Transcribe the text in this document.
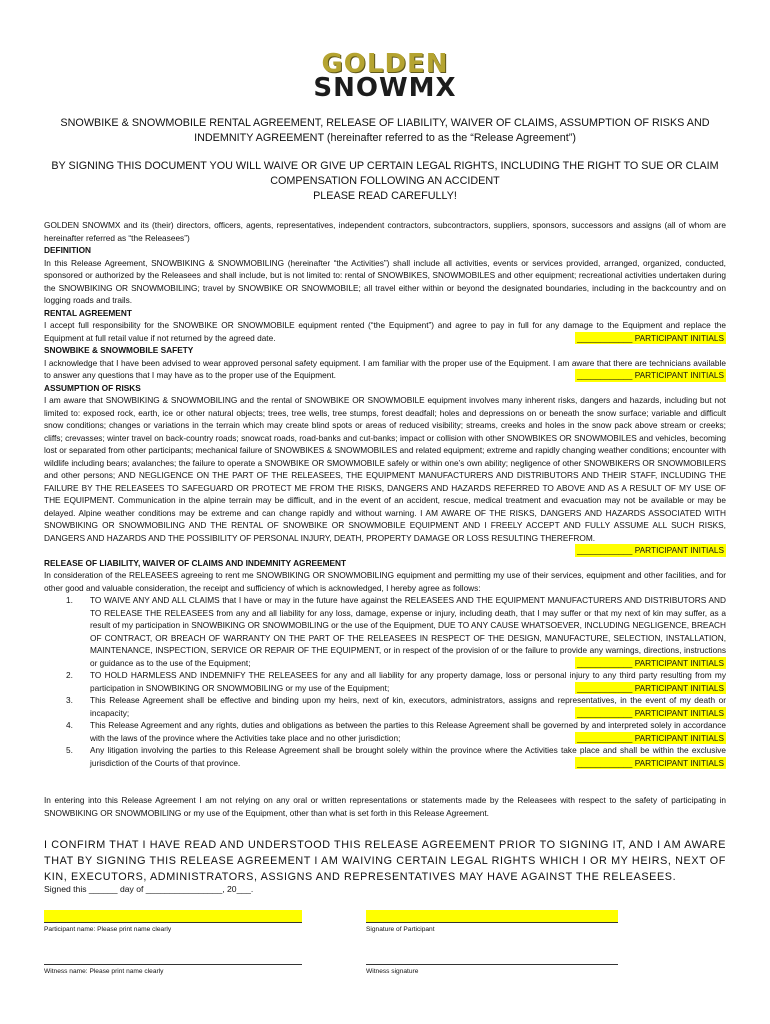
GOLDEN
SNOWMX
SNOWBIKE & SNOWMOBILE RENTAL AGREEMENT, RELEASE OF LIABILITY, WAIVER OF CLAIMS, ASSUMPTION OF RISKS AND INDEMNITY AGREEMENT (hereinafter referred to as the “Release Agreement”)
BY SIGNING THIS DOCUMENT YOU WILL WAIVE OR GIVE UP CERTAIN LEGAL RIGHTS, INCLUDING THE RIGHT TO SUE OR CLAIM COMPENSATION FOLLOWING AN ACCIDENT
PLEASE READ CAREFULLY!

GOLDEN SNOWMX and its (their) directors, officers, agents, representatives, independent contractors, subcontractors, suppliers, sponsors, successors and assigns (all of whom are hereinafter referred as “the Releasees”)

DEFINITION

In this Release Agreement, SNOWBIKING & SNOWMOBILING (hereinafter “the Activities”) shall include all activities, events or services provided, arranged, organized, conducted, sponsored or authorized by the Releasees and shall include, but is not limited to: rental of SNOWBIKES, SNOWMOBILES and other equipment; recreational activities undertaken during the SNOWBIKING OR SNOWMOBILING; travel by SNOWBIKE OR SNOWMOBILE; all travel either within or beyond the designated boundaries, including in the backcountry and on logging roads and trails.

RENTAL AGREEMENT

I accept full responsibility for the SNOWBIKE OR SNOWMOBILE equipment rented (“the Equipment”) and agree to pay in full for any damage to the Equipment and replace the Equipment at full retail value if not returned by the agreed date.	____________ PARTICIPANT INITIALS

SNOWBIKE & SNOWMOBILE SAFETY

I acknowledge that I have been advised to wear approved personal safety equipment. I am familiar with the proper use of the Equipment. I am aware that there are technicians available to answer any questions that I may have as to the proper use of the Equipment.	____________ PARTICIPANT INITIALS

ASSUMPTION OF RISKS

I am aware that SNOWBIKING & SNOWMOBILING and the rental of SNOWBIKE OR SNOWMOBILE equipment involves many inherent risks, dangers and hazards, including but not limited to: exposed rock, earth, ice or other natural objects; trees, tree wells, tree stumps, forest deadfall; holes and depressions on or beneath the snow surface; variable and difficult snow conditions; changes or variations in the terrain which may create blind spots or areas of reduced visibility; streams, creeks and holes in the snow pack above stream or creeks; cliffs; crevasses; winter travel on back-country roads; snowcat roads, road-banks and cut-banks; impact or collision with other SNOWBIKES OR SNOWMOBILES and vehicles, becoming lost or separated from other participants; mechanical failure of SNOWBIKES & SNOWMOBILES and related equipment; extreme and rapidly changing weather conditions; encounter with wildlife including bears; avalanches; the failure to operate a SNOWBIKE OR SMOWMOBILE safely or within one’s own ability; negligence of other SNOWBIKERS OR SNOWMOBILERS and other persons; AND NEGLIGENCE ON THE PART OF THE RELEASEES, THE EQUIPMENT MANUFACTURERS AND DISTRIBUTORS AND THEIR STAFF, INCLUDING THE FAILURE BY THE RELEASEES TO SAFEGUARD OR PROTECT ME FROM THE RISKS, DANGERS AND HAZARDS REFERRED TO ABOVE AND AS A RESULT OF MY USE OF THE EQUIPMENT. Communication in the alpine terrain may be difficult, and in the event of an accident, rescue, medical treatment and evacuation may not be available or may be delayed. Alpine weather conditions may be extreme and can change rapidly and without warning. I AM AWARE OF THE RISKS, DANGERS AND HAZARDS ASSOCIATED WITH SNOWBIKING OR SNOWMOBILING AND THE RENTAL OF SNOWBIKE OR SNOWMOBILE EQUIPMENT AND I FREELY ACCEPT AND FULLY ASSUME ALL SUCH RISKS, DANGERS AND HAZARDS AND THE POSSIBILITY OF PERSONAL INJURY, DEATH, PROPERTY DAMAGE OR LOSS RESULTING THEREFROM.
____________ PARTICIPANT INITIALS

RELEASE OF LIABILITY, WAIVER OF CLAIMS AND INDEMNITY AGREEMENT

In consideration of the RELEASEES agreeing to rent me SNOWBIKING OR SNOWMOBILING equipment and permitting my use of their services, equipment and other facilities, and for other good and valuable consideration, the receipt and sufficiency of which is acknowledged, I hereby agree as follows:

1. TO WAIVE ANY AND ALL CLAIMS that I have or may in the future have against the RELEASEES AND THE EQUIPMENT MANUFACTURERS AND DISTRIBUTORS AND TO RELEASE THE RELEASEES from any and all liability for any loss, damage, expense or injury, including death, that I may suffer or that my next of kin may suffer, as a result of my participation in SNOWBIKING OR SNOWMOBILING or the use of the Equipment, DUE TO ANY CAUSE WHATSOEVER, INCLUDING NEGLIGENCE, BREACH OF CONTRACT, OR BREACH OF WARRANTY ON THE PART OF THE RELEASEES IN RESPECT OF THE DESIGN, MANUFACTURE, SELECTION, INSTALLATION, MAINTENANCE, INSPECTION, SERVICE OR REPAIR OF THE EQUIPMENT, or in respect of the provision of or the failure to provide any warnings, directions, instructions or guidance as to the use of the Equipment;	____________ PARTICIPANT INITIALS
2. TO HOLD HARMLESS AND INDEMNIFY THE RELEASEES for any and all liability for any property damage, loss or personal injury to any third party resulting from my participation in SNOWBIKING OR SNOWMOBILING or my use of the Equipment;	____________ PARTICIPANT INITIALS
3. This Release Agreement shall be effective and binding upon my heirs, next of kin, executors, administrators, assigns and representatives, in the event of my death or incapacity;	____________ PARTICIPANT INITIALS
4. This Release Agreement and any rights, duties and obligations as between the parties to this Release Agreement shall be governed by and interpreted solely in accordance with the laws of the province where the Activities take place and no other jurisdiction;	____________ PARTICIPANT INITIALS
5. Any litigation involving the parties to this Release Agreement shall be brought solely within the province where the Activities take place and shall be within the exclusive jurisdiction of the Courts of that province.	____________ PARTICIPANT INITIALS

In entering into this Release Agreement I am not relying on any oral or written representations or statements made by the Releasees with respect to the safety of participating in SNOWBIKING OR SNOWMOBILING or my use of the Equipment, other than what is set forth in this Release Agreement.

I CONFIRM THAT I HAVE READ AND UNDERSTOOD THIS RELEASE AGREEMENT PRIOR TO SIGNING IT, AND I AM AWARE THAT BY SIGNING THIS RELEASE AGREEMENT I AM WAIVING CERTAIN LEGAL RIGHTS WHICH I OR MY HEIRS, NEXT OF KIN, EXECUTORS, ADMINISTRATORS, ASSIGNS AND REPRESENTATIVES MAY HAVE AGAINST THE RELEASEES.

Signed this ______ day of ________________, 20___.
Participant name: Please print name clearly	Signature of Participant
Witness name: Please print name clearly	Witness signature
